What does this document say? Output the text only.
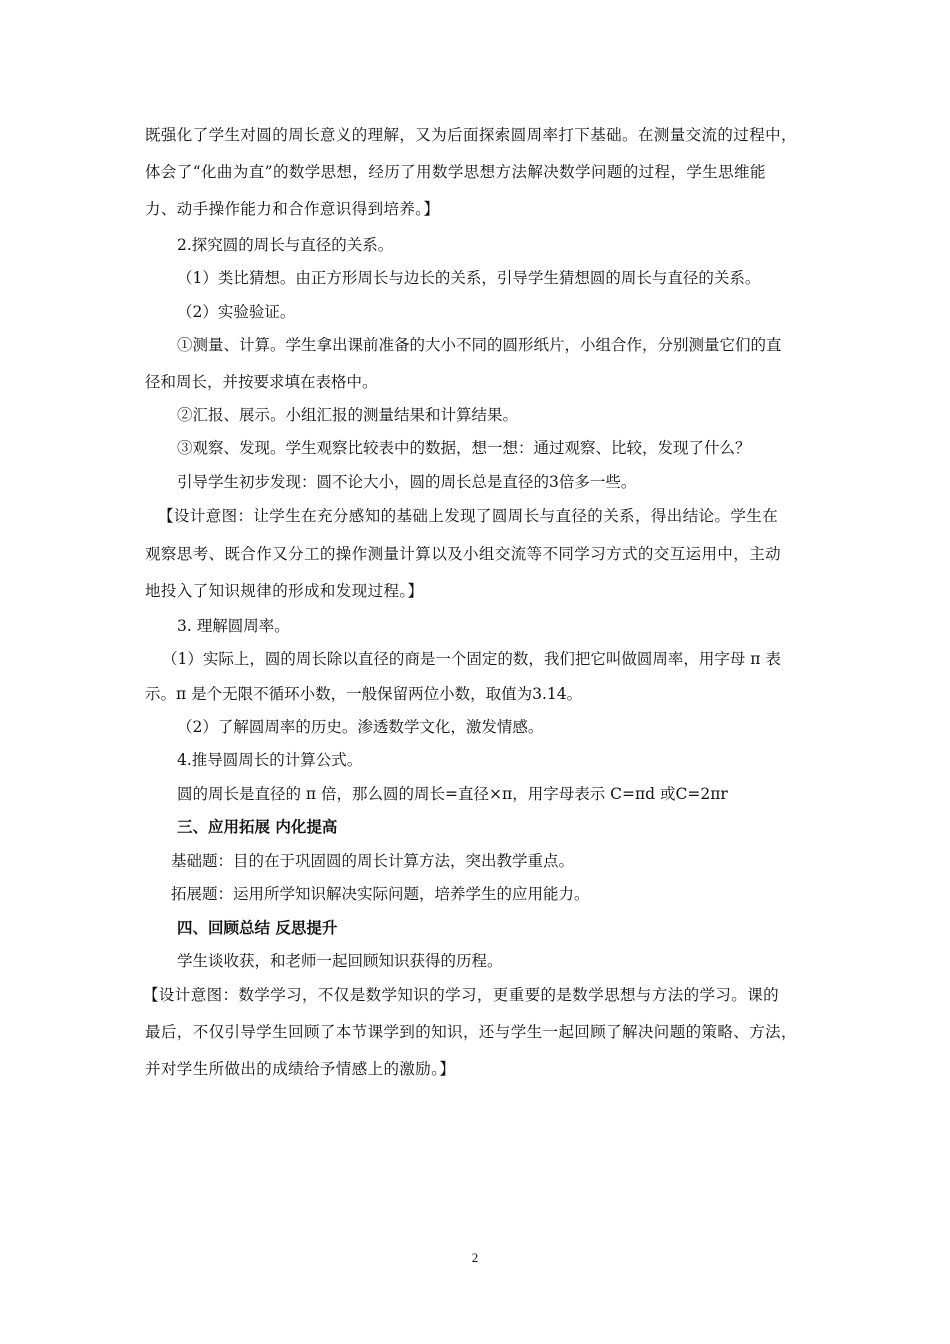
既强化了学生对圆的周长意义的理解，又为后面探索圆周率打下基础。在测量交流的过程中，
体会了“化曲为直”的数学思想，经历了用数学思想方法解决数学问题的过程，学生思维能
力、动手操作能力和合作意识得到培养。】
2.探究圆的周长与直径的关系。
（1）类比猜想。由正方形周长与边长的关系，引导学生猜想圆的周长与直径的关系。
（2）实验验证。
①测量、计算。学生拿出课前准备的大小不同的圆形纸片，小组合作，分别测量它们的直
径和周长，并按要求填在表格中。
②汇报、展示。小组汇报的测量结果和计算结果。
③观察、发现。学生观察比较表中的数据，想一想：通过观察、比较，发现了什么？
引导学生初步发现：圆不论大小，圆的周长总是直径的3倍多一些。
【设计意图：让学生在充分感知的基础上发现了圆周长与直径的关系，得出结论。学生在
观察思考、既合作又分工的操作测量计算以及小组交流等不同学习方式的交互运用中，主动
地投入了知识规律的形成和发现过程。】
3. 理解圆周率。
（1）实际上，圆的周长除以直径的商是一个固定的数，我们把它叫做圆周率，用字母 π 表
示。π 是个无限不循环小数，一般保留两位小数，取值为3.14。
（2）了解圆周率的历史。渗透数学文化，激发情感。
4.推导圆周长的计算公式。
圆的周长是直径的 π 倍，那么圆的周长=直径×π，用字母表示 C=πd 或C=2πr
三、应用拓展 内化提高
基础题：目的在于巩固圆的周长计算方法，突出教学重点。
拓展题：运用所学知识解决实际问题，培养学生的应用能力。
四、回顾总结 反思提升
学生谈收获，和老师一起回顾知识获得的历程。
【设计意图：数学学习，不仅是数学知识的学习，更重要的是数学思想与方法的学习。课的
最后，不仅引导学生回顾了本节课学到的知识，还与学生一起回顾了解决问题的策略、方法，
并对学生所做出的成绩给予情感上的激励。】
2
